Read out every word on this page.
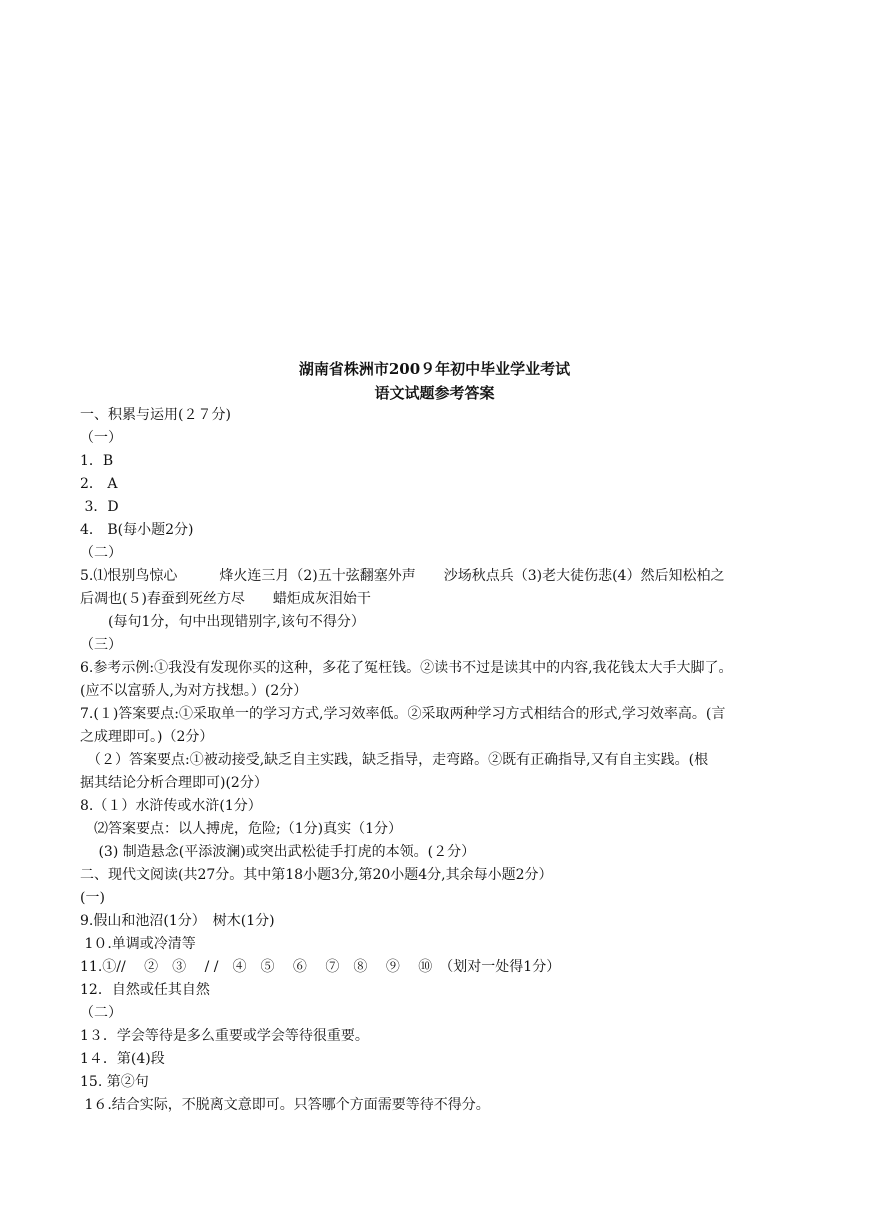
湖南省株洲市200９年初中毕业学业考试
语文试题参考答案
一、积累与运用(２７分)
（一）
1．B
2． A
3．D
4． B(每小题2分)
（二）
5.⑴恨别鸟惊心　　　烽火连三月（2)五十弦翻塞外声　　沙场秋点兵（3)老大徒伤悲(4）然后知松柏之
后凋也(５)春蚕到死丝方尽　　蜡炬成灰泪始干
　　(每句1分，句中出现错别字,该句不得分）
（三）
6.参考示例:①我没有发现你买的这种，多花了冤枉钱。②读书不过是读其中的内容,我花钱太大手大脚了。
(应不以富骄人,为对方找想。）(2分）
7.(１)答案要点:①采取单一的学习方式,学习效率低。②采取两种学习方式相结合的形式,学习效率高。(言
之成理即可。)（2分）
　（２）答案要点:①被动接受,缺乏自主实践，缺乏指导，走弯路。②既有正确指导,又有自主实践。(根
据其结论分析合理即可)(2分）
8.（１）水浒传或水浒(1分）
　⑵答案要点：以人搏虎，危险;（1分)真实（1分）
　 (3) 制造悬念(平添波澜)或突出武松徒手打虎的本领。(２分）
二、现代文阅读(共27分。其中第18小题3分,第20小题4分,其余每小题2分）
(一)
9.假山和池沼(1分）　树木(1分)
1０.单调或冷清等
11.①//　 ②　③　 / /　④　⑤　 ⑥　 ⑦　⑧　 ⑨　 ⑩　（划对一处得1分）
12．自然或任其自然
（二）
1３．学会等待是多么重要或学会等待很重要。
1４．第(4)段
15. 第②句
1６.结合实际，不脱离文意即可。只答哪个方面需要等待不得分。
